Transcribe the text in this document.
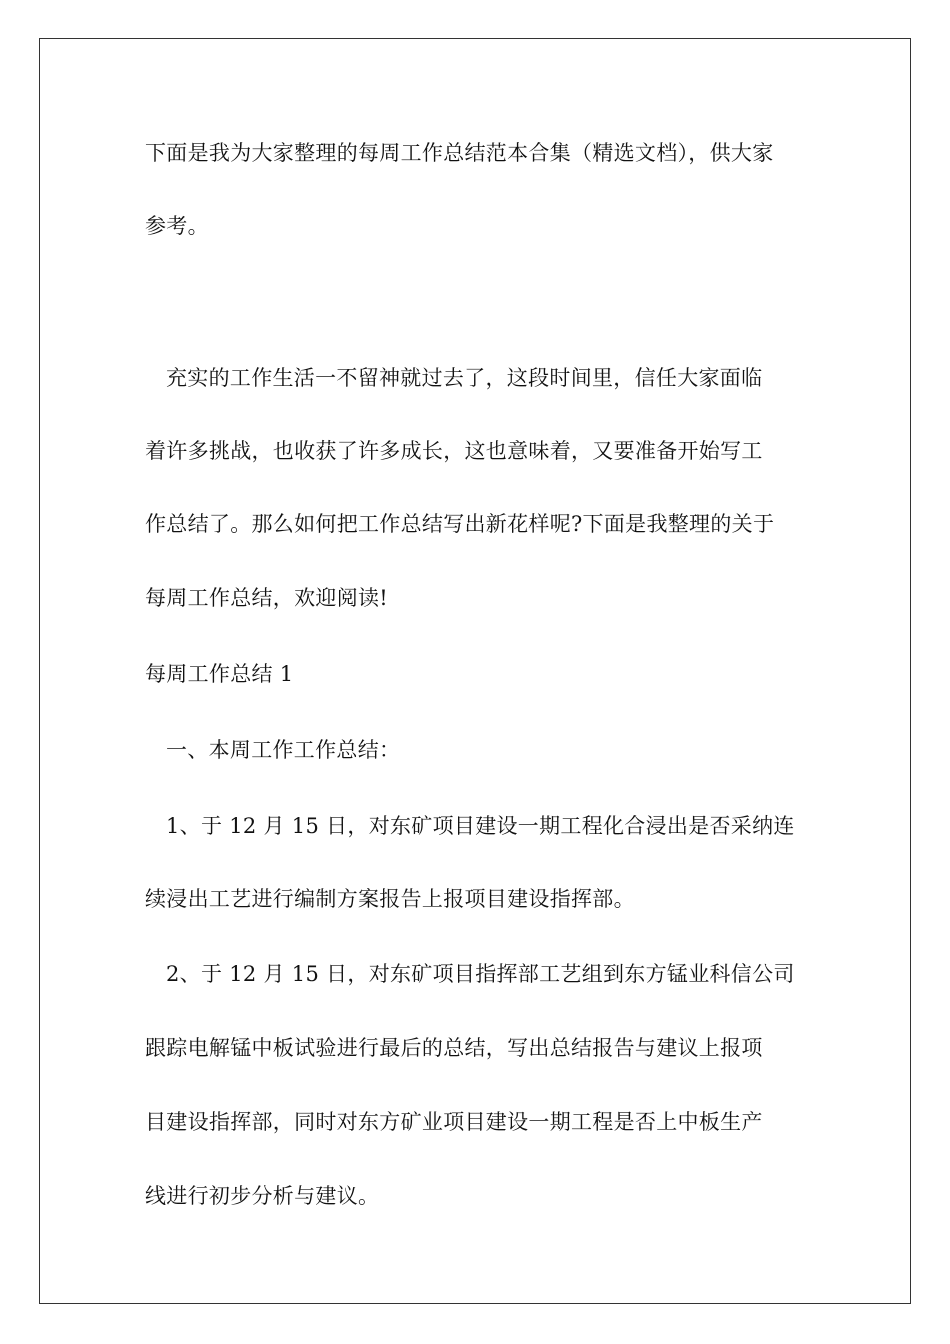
下面是我为大家整理的每周工作总结范本合集（精选文档），供大家
参考。
充实的工作生活一不留神就过去了，这段时间里，信任大家面临
着许多挑战，也收获了许多成长，这也意味着，又要准备开始写工
作总结了。那么如何把工作总结写出新花样呢?下面是我整理的关于
每周工作总结，欢迎阅读!
每周工作总结 1
一、本周工作工作总结：
1、于 12 月 15 日，对东矿项目建设一期工程化合浸出是否采纳连
续浸出工艺进行编制方案报告上报项目建设指挥部。
2、于 12 月 15 日，对东矿项目指挥部工艺组到东方锰业科信公司
跟踪电解锰中板试验进行最后的总结，写出总结报告与建议上报项
目建设指挥部，同时对东方矿业项目建设一期工程是否上中板生产
线进行初步分析与建议。
